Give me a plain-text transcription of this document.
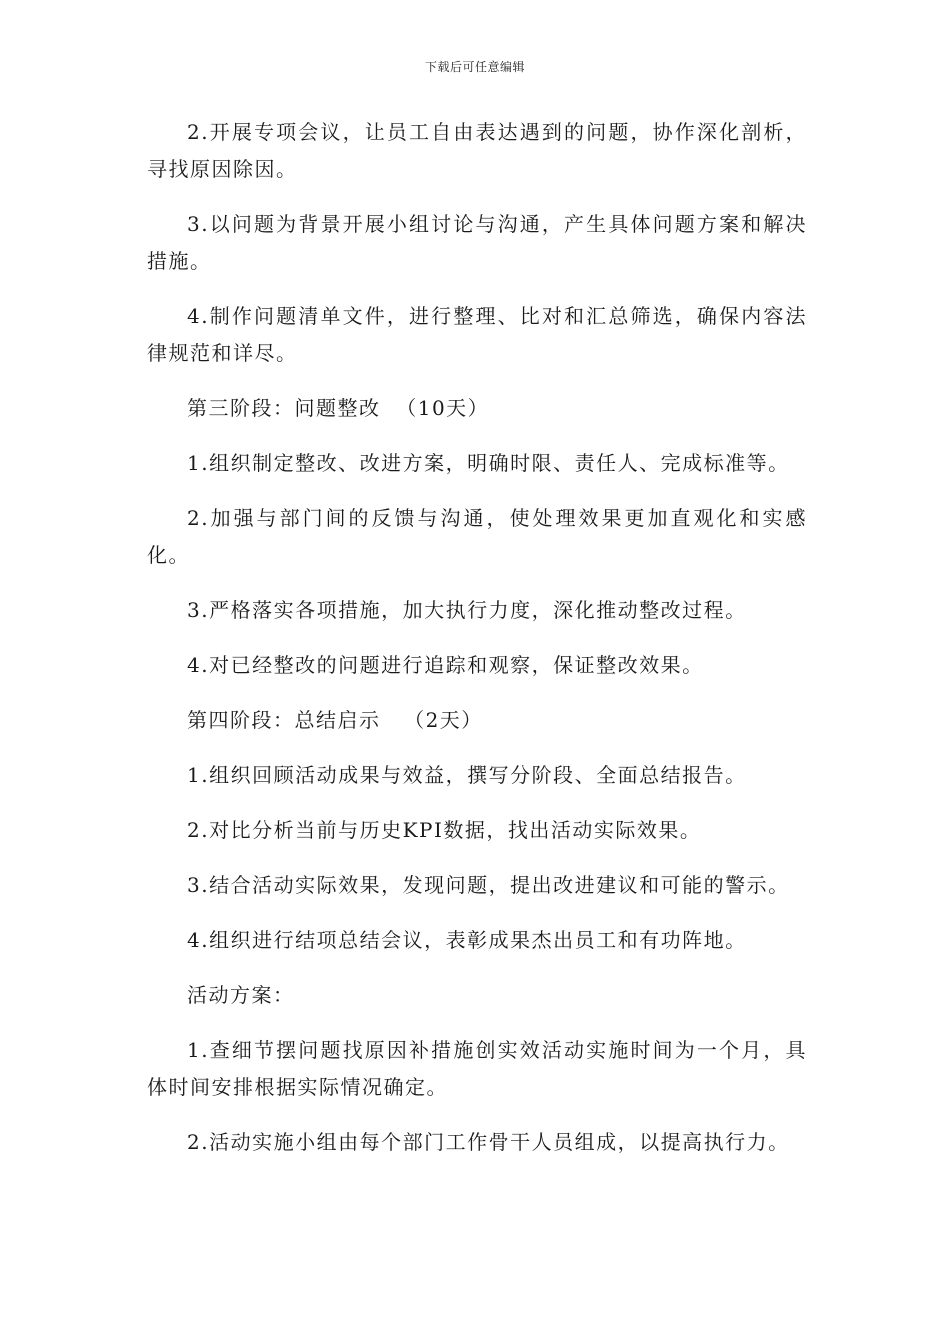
下载后可任意编辑

2.开展专项会议，让员工自由表达遇到的问题，协作深化剖析，寻找原因除因。

3.以问题为背景开展小组讨论与沟通，产生具体问题方案和解决措施。

4.制作问题清单文件，进行整理、比对和汇总筛选，确保内容法律规范和详尽。

第三阶段：问题整改  （10天）

1.组织制定整改、改进方案，明确时限、责任人、完成标准等。

2.加强与部门间的反馈与沟通，使处理效果更加直观化和实感化。

3.严格落实各项措施，加大执行力度，深化推动整改过程。

4.对已经整改的问题进行追踪和观察，保证整改效果。

第四阶段：总结启示   （2天）

1.组织回顾活动成果与效益，撰写分阶段、全面总结报告。

2.对比分析当前与历史KPI数据，找出活动实际效果。

3.结合活动实际效果，发现问题，提出改进建议和可能的警示。

4.组织进行结项总结会议，表彰成果杰出员工和有功阵地。

活动方案：

1.查细节摆问题找原因补措施创实效活动实施时间为一个月，具体时间安排根据实际情况确定。

2.活动实施小组由每个部门工作骨干人员组成，以提高执行力。
